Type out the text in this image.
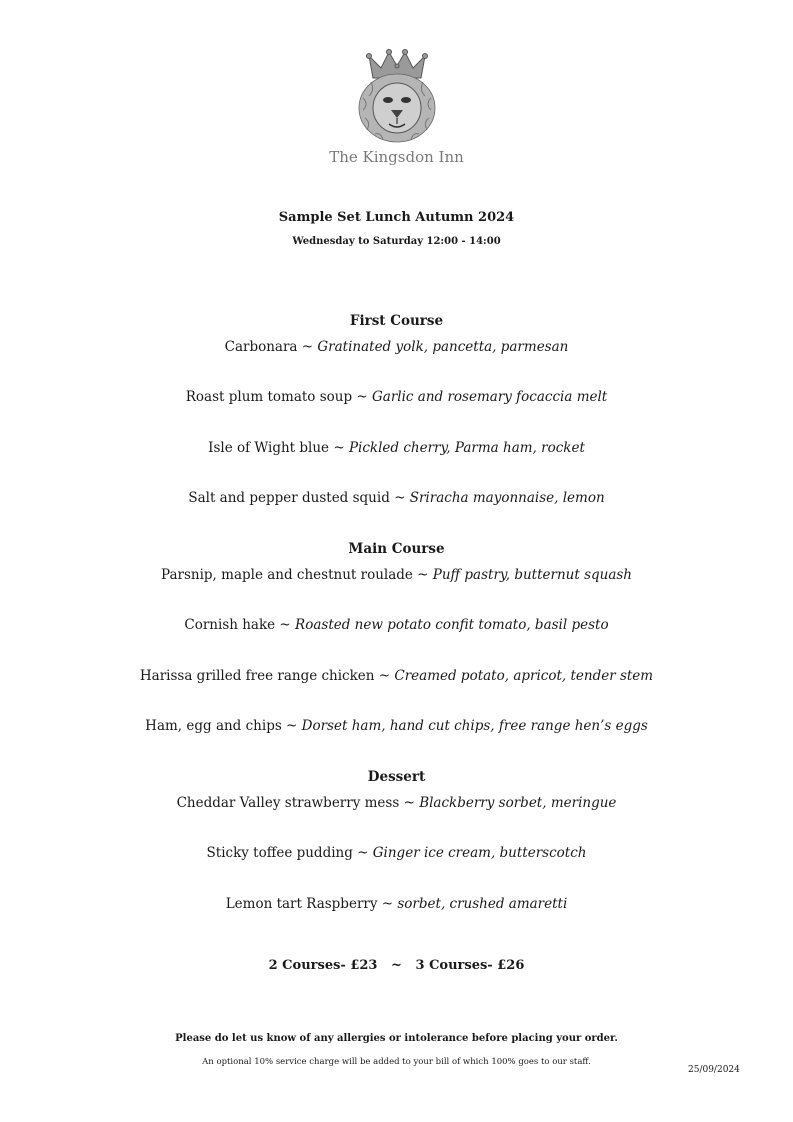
The Kingsdon Inn
Sample Set Lunch Autumn 2024
Wednesday to Saturday 12:00 - 14:00
First Course
Carbonara ~ Gratinated yolk, pancetta, parmesan
Roast plum tomato soup ~ Garlic and rosemary focaccia melt
Isle of Wight blue ~ Pickled cherry, Parma ham, rocket
Salt and pepper dusted squid ~ Sriracha mayonnaise, lemon
Main Course
Parsnip, maple and chestnut roulade ~ Puff pastry, butternut squash
Cornish hake ~ Roasted new potato confit tomato, basil pesto
Harissa grilled free range chicken ~ Creamed potato, apricot, tender stem
Ham, egg and chips ~ Dorset ham, hand cut chips, free range hen’s eggs
Dessert
Cheddar Valley strawberry mess ~ Blackberry sorbet, meringue
Sticky toffee pudding ~ Ginger ice cream, butterscotch
Lemon tart Raspberry ~ sorbet, crushed amaretti
2 Courses- £23   ~   3 Courses- £26
Please do let us know of any allergies or intolerance before placing your order.
An optional 10% service charge will be added to your bill of which 100% goes to our staff.
25/09/2024
